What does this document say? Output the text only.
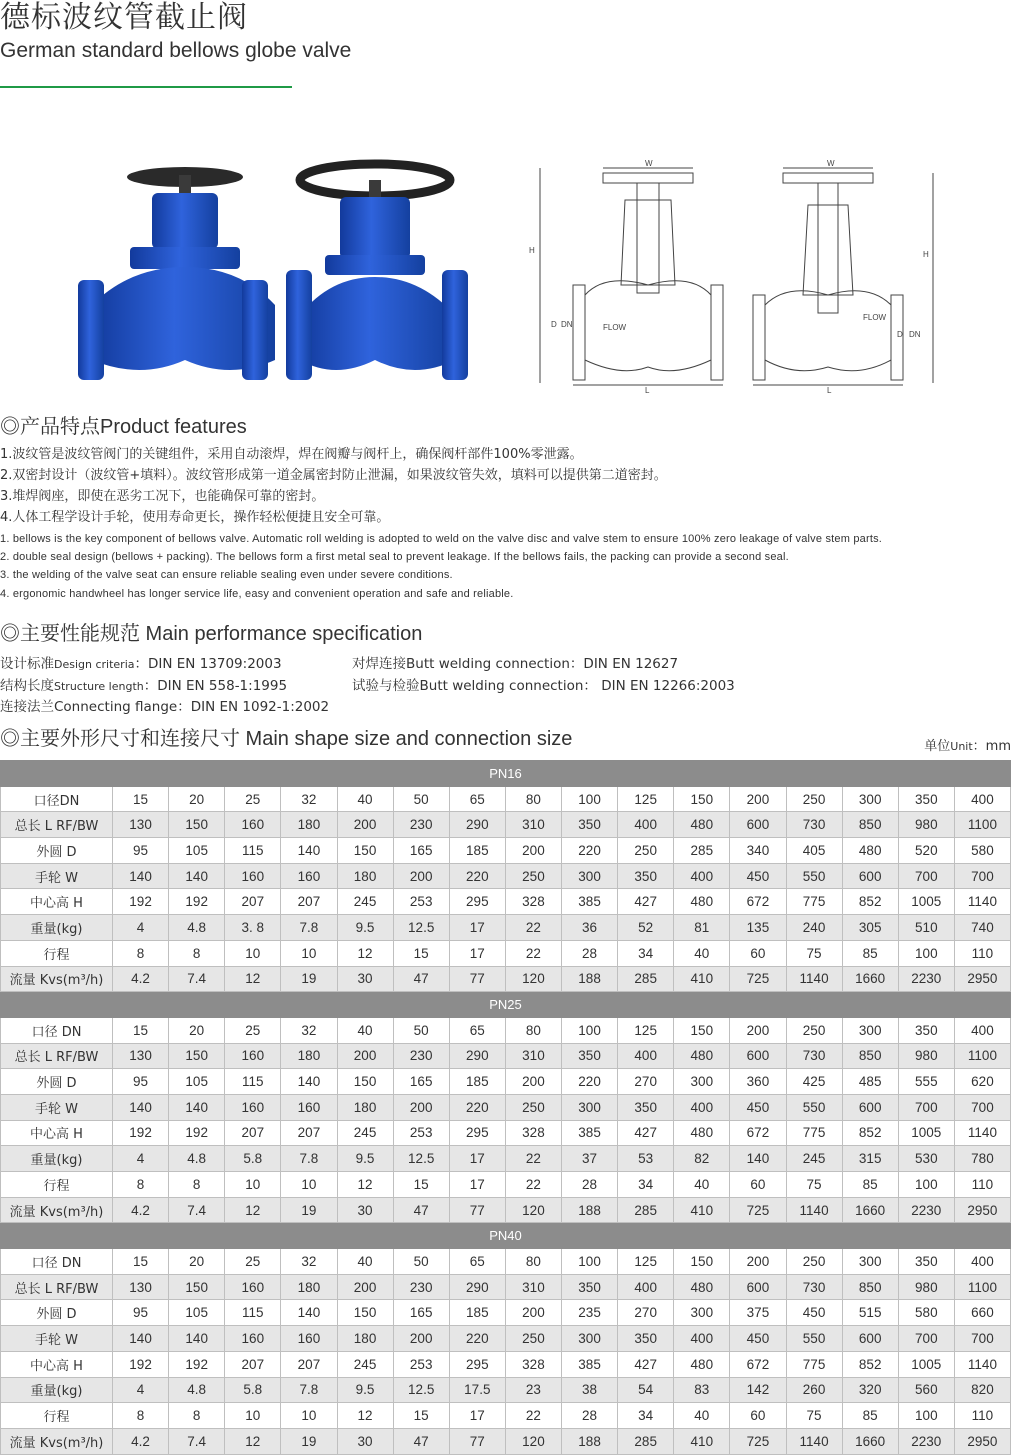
德标波纹管截止阀
German standard bellows globe valve
W
L
H
D DN	FLOW
W
L
H
D DN
FLOW
◎产品特点Product features
1.波纹管是波纹管阀门的关键组件，采用自动滚焊，焊在阀瓣与阀杆上，确保阀杆部件100%零泄露。
2.双密封设计（波纹管+填料）。波纹管形成第一道金属密封防止泄漏，如果波纹管失效，填料可以提供第二道密封。
3.堆焊阀座，即使在恶劣工况下，也能确保可靠的密封。
4.人体工程学设计手轮，使用寿命更长，操作轻松便捷且安全可靠。
1. bellows is the key component of bellows valve. Automatic roll welding is adopted to weld on the valve disc and valve stem to ensure 100% zero leakage of valve stem parts.
2. double seal design (bellows + packing). The bellows form a first metal seal to prevent leakage. If the bellows fails, the packing can provide a second seal.
3. the welding of the valve seat can ensure reliable sealing even under severe conditions.
4. ergonomic handwheel has longer service life, easy and convenient operation and safe and reliable.
◎主要性能规范 Main performance specification
设计标准Design criteria：DIN EN 13709:2003	对焊连接Butt welding connection：DIN EN 12627
结构长度Structure length：DIN EN 558-1:1995	试验与检验Butt welding connection： DIN EN 12266:2003
连接法兰Connecting flange：DIN EN 1092-1:2002
◎主要外形尺寸和连接尺寸 Main shape size and connection size	单位Unit：mm
PN16																
口径DN	15	20	25	32	40	50	65	80	100	125	150	200	250	300	350	400
总长 L RF/BW	130	150	160	180	200	230	290	310	350	400	480	600	730	850	980	1100
外圆 D	95	105	115	140	150	165	185	200	220	250	285	340	405	480	520	580
手轮 W	140	140	160	160	180	200	220	250	300	350	400	450	550	600	700	700
中心高 H	192	192	207	207	245	253	295	328	385	427	480	672	775	852	1005	1140
重量(kg)	4	4.8	3. 8	7.8	9.5	12.5	17	22	36	52	81	135	240	305	510	740
行程	8	8	10	10	12	15	17	22	28	34	40	60	75	85	100	110
流量 Kvs(m³/h)	4.2	7.4	12	19	30	47	77	120	188	285	410	725	1140	1660	2230	2950
PN25																
口径 DN	15	20	25	32	40	50	65	80	100	125	150	200	250	300	350	400
总长 L RF/BW	130	150	160	180	200	230	290	310	350	400	480	600	730	850	980	1100
外圆 D	95	105	115	140	150	165	185	200	220	270	300	360	425	485	555	620
手轮 W	140	140	160	160	180	200	220	250	300	350	400	450	550	600	700	700
中心高 H	192	192	207	207	245	253	295	328	385	427	480	672	775	852	1005	1140
重量(kg)	4	4.8	5.8	7.8	9.5	12.5	17	22	37	53	82	140	245	315	530	780
行程	8	8	10	10	12	15	17	22	28	34	40	60	75	85	100	110
流量 Kvs(m³/h)	4.2	7.4	12	19	30	47	77	120	188	285	410	725	1140	1660	2230	2950
PN40																
口径 DN	15	20	25	32	40	50	65	80	100	125	150	200	250	300	350	400
总长 L RF/BW	130	150	160	180	200	230	290	310	350	400	480	600	730	850	980	1100
外圆 D	95	105	115	140	150	165	185	200	235	270	300	375	450	515	580	660
手轮 W	140	140	160	160	180	200	220	250	300	350	400	450	550	600	700	700
中心高 H	192	192	207	207	245	253	295	328	385	427	480	672	775	852	1005	1140
重量(kg)	4	4.8	5.8	7.8	9.5	12.5	17.5	23	38	54	83	142	260	320	560	820
行程	8	8	10	10	12	15	17	22	28	34	40	60	75	85	100	110
流量 Kvs(m³/h)	4.2	7.4	12	19	30	47	77	120	188	285	410	725	1140	1660	2230	2950
